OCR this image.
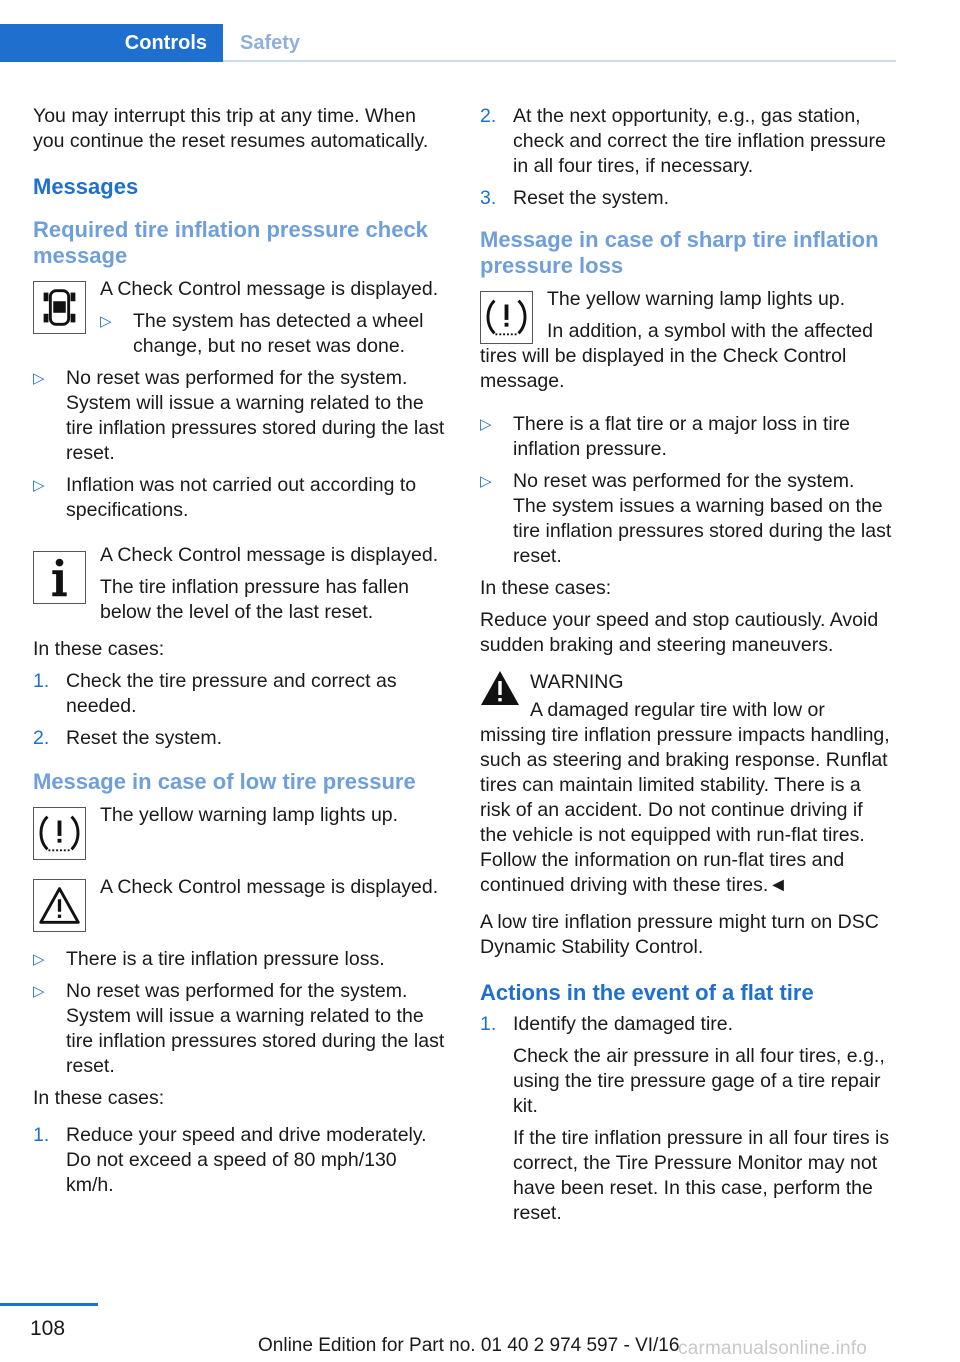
Controls	Safety

You may interrupt this trip at any time. When you continue the reset resumes automatically.

Messages
Required tire inflation pressure check message

A Check Control message is displayed.

▷ The system has detected a wheel change, but no reset was done.
▷ No reset was performed for the system. System will issue a warning related to the tire inflation pressures stored during the last reset.
▷ Inflation was not carried out according to specifications.

A Check Control message is displayed.

The tire inflation pressure has fallen below the level of the last reset.

In these cases:

1. Check the tire pressure and correct as needed.
2. Reset the system.
Message in case of low tire pressure

The yellow warning lamp lights up.

A Check Control message is displayed.

▷ There is a tire inflation pressure loss.
▷ No reset was performed for the system. System will issue a warning related to the tire inflation pressures stored during the last reset.

In these cases:

1. Reduce your speed and drive moderately. Do not exceed a speed of 80 mph/130 km/h.
2. At the next opportunity, e.g., gas station, check and correct the tire inflation pressure in all four tires, if necessary.
3. Reset the system.
Message in case of sharp tire inflation pressure loss

The yellow warning lamp lights up.

In addition, a symbol with the affected tires will be displayed in the Check Control message.

▷ There is a flat tire or a major loss in tire inflation pressure.
▷ No reset was performed for the system. The system issues a warning based on the tire inflation pressures stored during the last reset.

In these cases:

Reduce your speed and stop cautiously. Avoid sudden braking and steering maneuvers.

WARNING

A damaged regular tire with low or missing tire inflation pressure impacts handling, such as steering and braking response. Runflat tires can maintain limited stability. There is a risk of an accident. Do not continue driving if the vehicle is not equipped with run-flat tires. Follow the information on run-flat tires and continued driving with these tires.◄

A low tire inflation pressure might turn on DSC Dynamic Stability Control.

Actions in the event of a flat tire
1. Identify the damaged tire.

Check the air pressure in all four tires, e.g., using the tire pressure gage of a tire repair kit.

If the tire inflation pressure in all four tires is correct, the Tire Pressure Monitor may not have been reset. In this case, perform the reset.

108
Online Edition for Part no. 01 40 2 974 597 - VI/16
carmanualsonline.info
